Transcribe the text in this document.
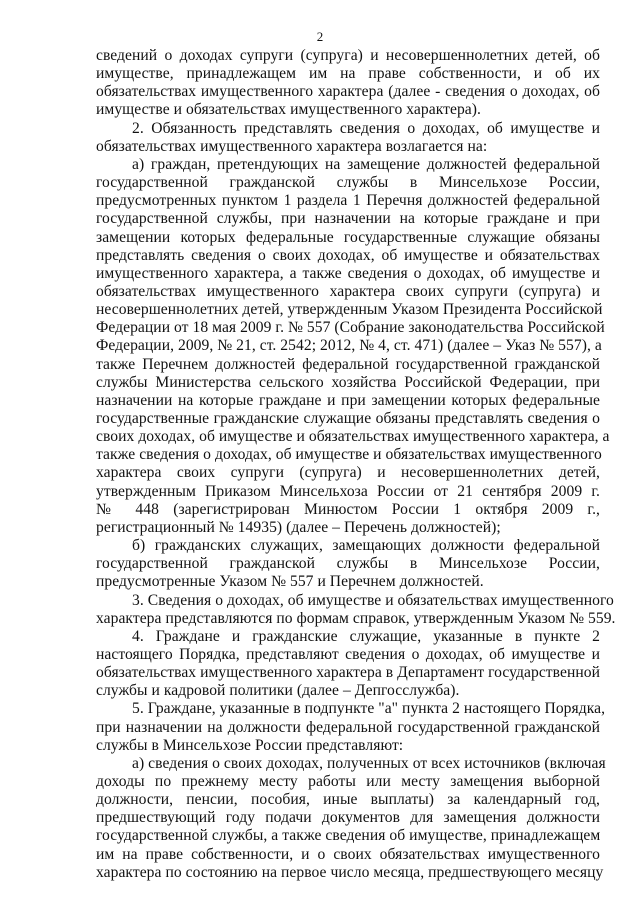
2
сведений о доходах супруги (супруга) и несовершеннолетних детей, об
имуществе, принадлежащем им на праве собственности, и об их
обязательствах имущественного характера (далее - сведения о доходах, об
имуществе и обязательствах имущественного характера).
2. Обязанность представлять сведения о доходах, об имуществе и
обязательствах имущественного характера возлагается на:
а) граждан, претендующих на замещение должностей федеральной
государственной гражданской службы в Минсельхозе России,
предусмотренных пунктом 1 раздела 1 Перечня должностей федеральной
государственной службы, при назначении на которые граждане и при
замещении которых федеральные государственные служащие обязаны
представлять сведения о своих доходах, об имуществе и обязательствах
имущественного характера, а также сведения о доходах, об имуществе и
обязательствах имущественного характера своих супруги (супруга) и
несовершеннолетних детей, утвержденным Указом Президента Российской
Федерации от 18 мая 2009 г. № 557 (Собрание законодательства Российской
Федерации, 2009, № 21, ст. 2542; 2012, № 4, ст. 471) (далее – Указ № 557), а
также Перечнем должностей федеральной государственной гражданской
службы Министерства сельского хозяйства Российской Федерации, при
назначении на которые граждане и при замещении которых федеральные
государственные гражданские служащие обязаны представлять сведения о
своих доходах, об имуществе и обязательствах имущественного характера, а
также сведения о доходах, об имуществе и обязательствах имущественного
характера своих супруги (супруга) и несовершеннолетних детей,
утвержденным Приказом Минсельхоза России от 21 сентября 2009 г.
№ 448 (зарегистрирован Минюстом России 1 октября 2009 г.,
регистрационный № 14935) (далее – Перечень должностей);
б) гражданских служащих, замещающих должности федеральной
государственной гражданской службы в Минсельхозе России,
предусмотренные Указом № 557 и Перечнем должностей.
3. Сведения о доходах, об имуществе и обязательствах имущественного
характера представляются по формам справок, утвержденным Указом № 559.
4. Граждане и гражданские служащие, указанные в пункте 2
настоящего Порядка, представляют сведения о доходах, об имуществе и
обязательствах имущественного характера в Департамент государственной
службы и кадровой политики (далее – Депгосслужба).
5. Граждане, указанные в подпункте "а" пункта 2 настоящего Порядка,
при назначении на должности федеральной государственной гражданской
службы в Минсельхозе России представляют:
а) сведения о своих доходах, полученных от всех источников (включая
доходы по прежнему месту работы или месту замещения выборной
должности, пенсии, пособия, иные выплаты) за календарный год,
предшествующий году подачи документов для замещения должности
государственной службы, а также сведения об имуществе, принадлежащем
им на праве собственности, и о своих обязательствах имущественного
характера по состоянию на первое число месяца, предшествующего месяцу
